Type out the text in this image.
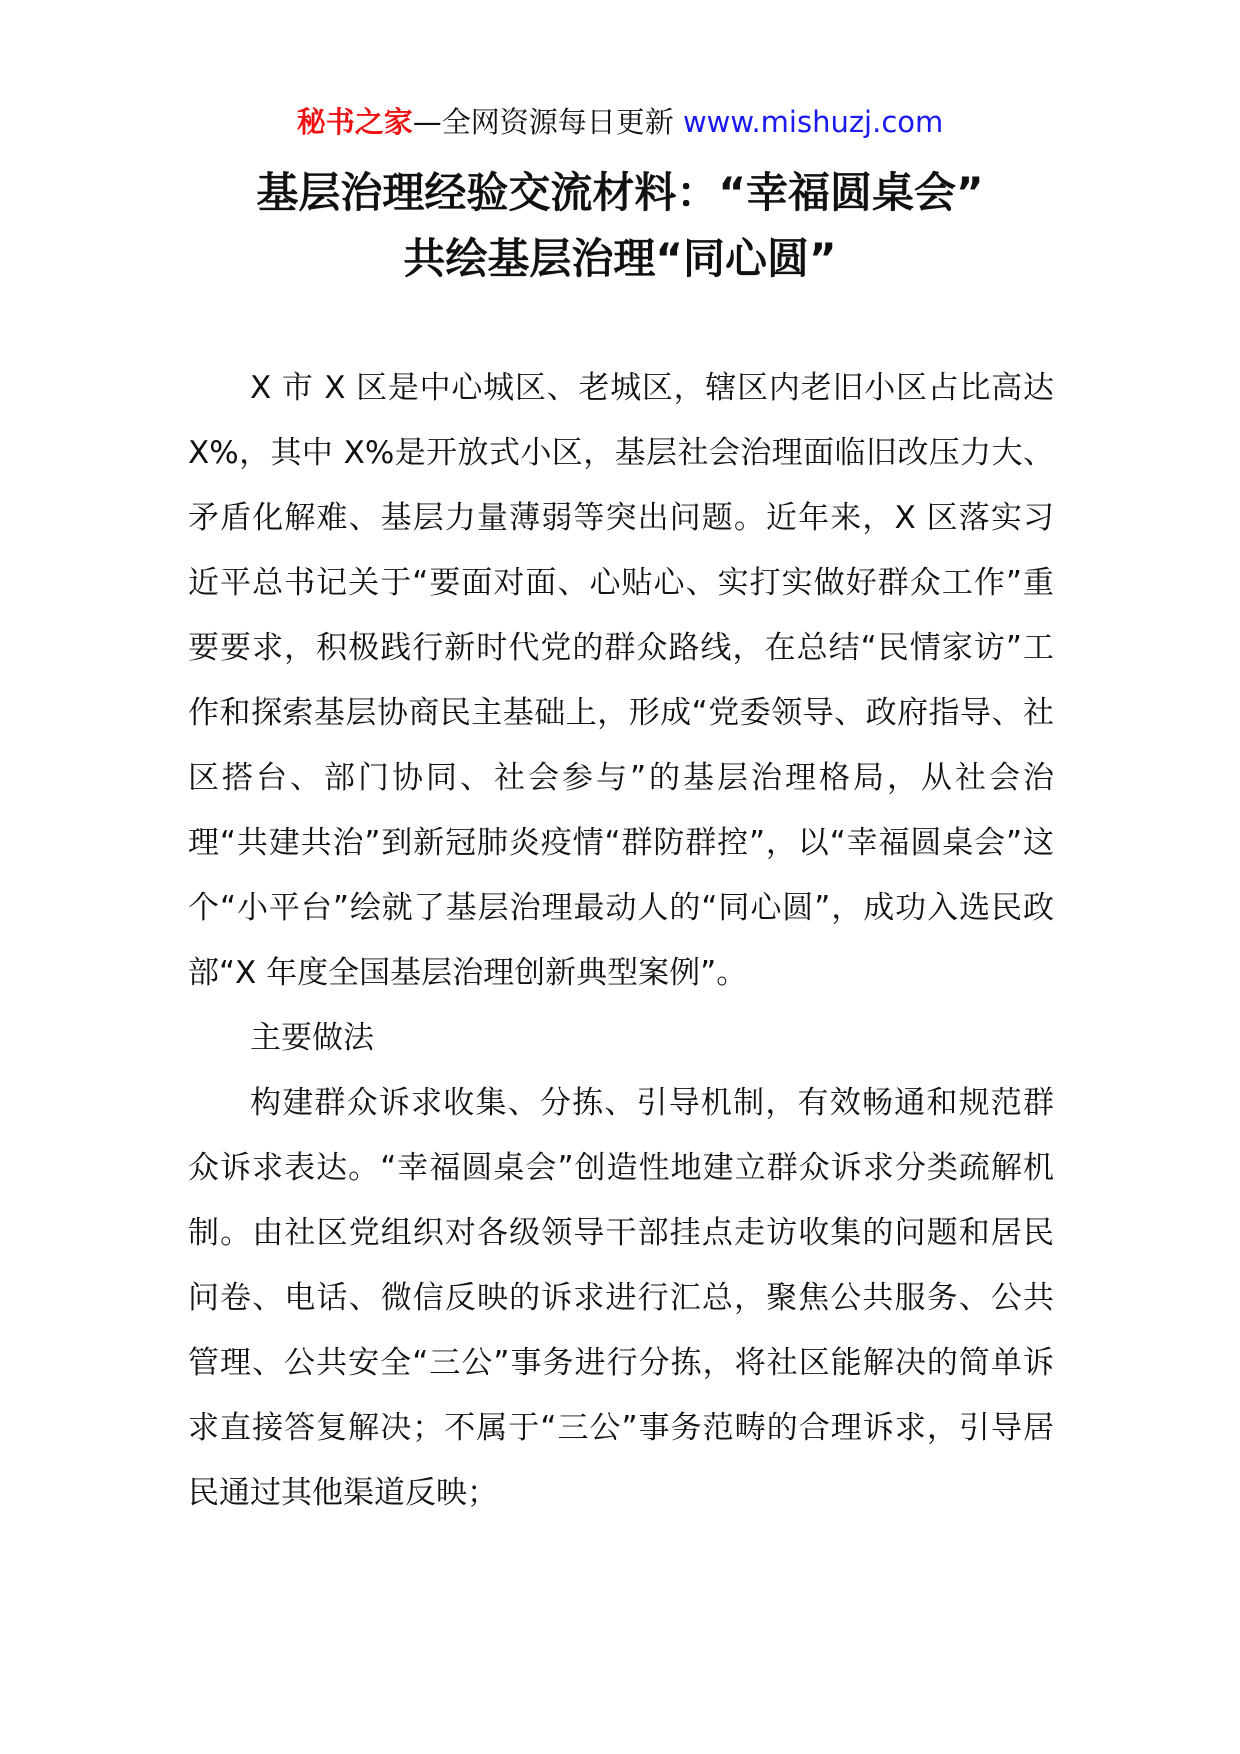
秘书之家—全网资源每日更新 www.mishuzj.com
基层治理经验交流材料：“幸福圆桌会”
共绘基层治理“同心圆”

X 市 X 区是中心城区、老城区，辖区内老旧小区占比高达 X%，其中 X%是开放式小区，基层社会治理面临旧改压力大、矛盾化解难、基层力量薄弱等突出问题。近年来，X 区落实习近平总书记关于“要面对面、心贴心、实打实做好群众工作”重要要求，积极践行新时代党的群众路线，在总结“民情家访”工作和探索基层协商民主基础上，形成“党委领导、政府指导、社区搭台、部门协同、社会参与”的基层治理格局，从社会治理“共建共治”到新冠肺炎疫情“群防群控”，以“幸福圆桌会”这个“小平台”绘就了基层治理最动人的“同心圆”，成功入选民政部“X 年度全国基层治理创新典型案例”。

主要做法

构建群众诉求收集、分拣、引导机制，有效畅通和规范群众诉求表达。“幸福圆桌会”创造性地建立群众诉求分类疏解机制。由社区党组织对各级领导干部挂点走访收集的问题和居民问卷、电话、微信反映的诉求进行汇总，聚焦公共服务、公共管理、公共安全“三公”事务进行分拣，将社区能解决的简单诉求直接答复解决；不属于“三公”事务范畴的合理诉求，引导居民通过其他渠道反映；
